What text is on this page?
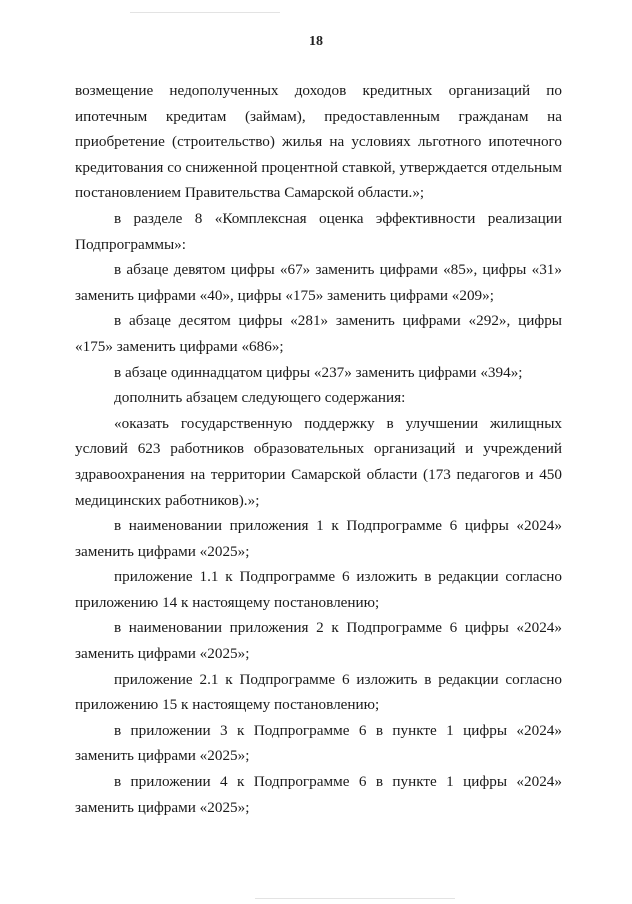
18

возмещение недополученных доходов кредитных организаций по ипотечным кредитам (займам), предоставленным гражданам на приобретение (строительство) жилья на условиях льготного ипотечного кредитования со сниженной процентной ставкой, утверждается отдельным постановлением Правительства Самарской области.»;

в разделе 8 «Комплексная оценка эффективности реализации Подпрограммы»:

в абзаце девятом цифры «67» заменить цифрами «85», цифры «31» заменить цифрами «40», цифры «175» заменить цифрами «209»;

в абзаце десятом цифры «281» заменить цифрами «292», цифры «175» заменить цифрами «686»;

в абзаце одиннадцатом цифры «237» заменить цифрами «394»;

дополнить абзацем следующего содержания:

«оказать государственную поддержку в улучшении жилищных условий 623 работников образовательных организаций и учреждений здравоохранения на территории Самарской области (173 педагогов и 450 медицинских работников).»;

в наименовании приложения 1 к Подпрограмме 6 цифры «2024» заменить цифрами «2025»;

приложение 1.1 к Подпрограмме 6 изложить в редакции согласно приложению 14 к настоящему постановлению;

в наименовании приложения 2 к Подпрограмме 6 цифры «2024» заменить цифрами «2025»;

приложение 2.1 к Подпрограмме 6 изложить в редакции согласно приложению 15 к настоящему постановлению;

в приложении 3 к Подпрограмме 6 в пункте 1 цифры «2024» заменить цифрами «2025»;

в приложении 4 к Подпрограмме 6 в пункте 1 цифры «2024» заменить цифрами «2025»;
